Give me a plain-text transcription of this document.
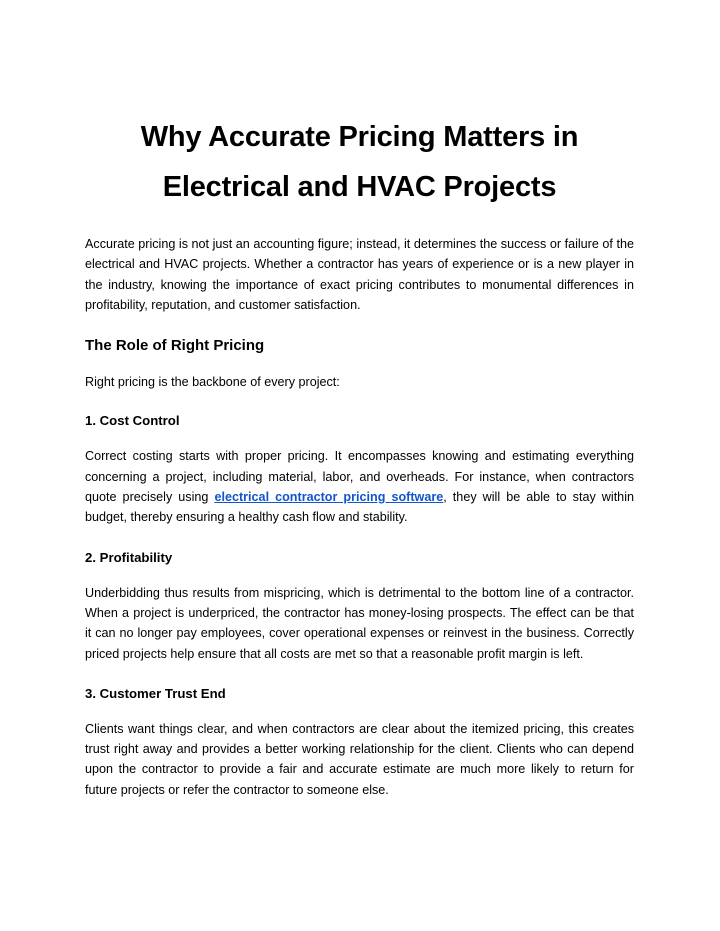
Why Accurate Pricing Matters in Electrical and HVAC Projects

Accurate pricing is not just an accounting figure; instead, it determines the success or failure of the electrical and HVAC projects. Whether a contractor has years of experience or is a new player in the industry, knowing the importance of exact pricing contributes to monumental differences in profitability, reputation, and customer satisfaction.

The Role of Right Pricing

Right pricing is the backbone of every project:

1. Cost Control

Correct costing starts with proper pricing. It encompasses knowing and estimating everything concerning a project, including material, labor, and overheads. For instance, when contractors quote precisely using electrical contractor pricing software, they will be able to stay within budget, thereby ensuring a healthy cash flow and stability.

2. Profitability

Underbidding thus results from mispricing, which is detrimental to the bottom line of a contractor. When a project is underpriced, the contractor has money-losing prospects. The effect can be that it can no longer pay employees, cover operational expenses or reinvest in the business. Correctly priced projects help ensure that all costs are met so that a reasonable profit margin is left.

3. Customer Trust End

Clients want things clear, and when contractors are clear about the itemized pricing, this creates trust right away and provides a better working relationship for the client. Clients who can depend upon the contractor to provide a fair and accurate estimate are much more likely to return for future projects or refer the contractor to someone else.
